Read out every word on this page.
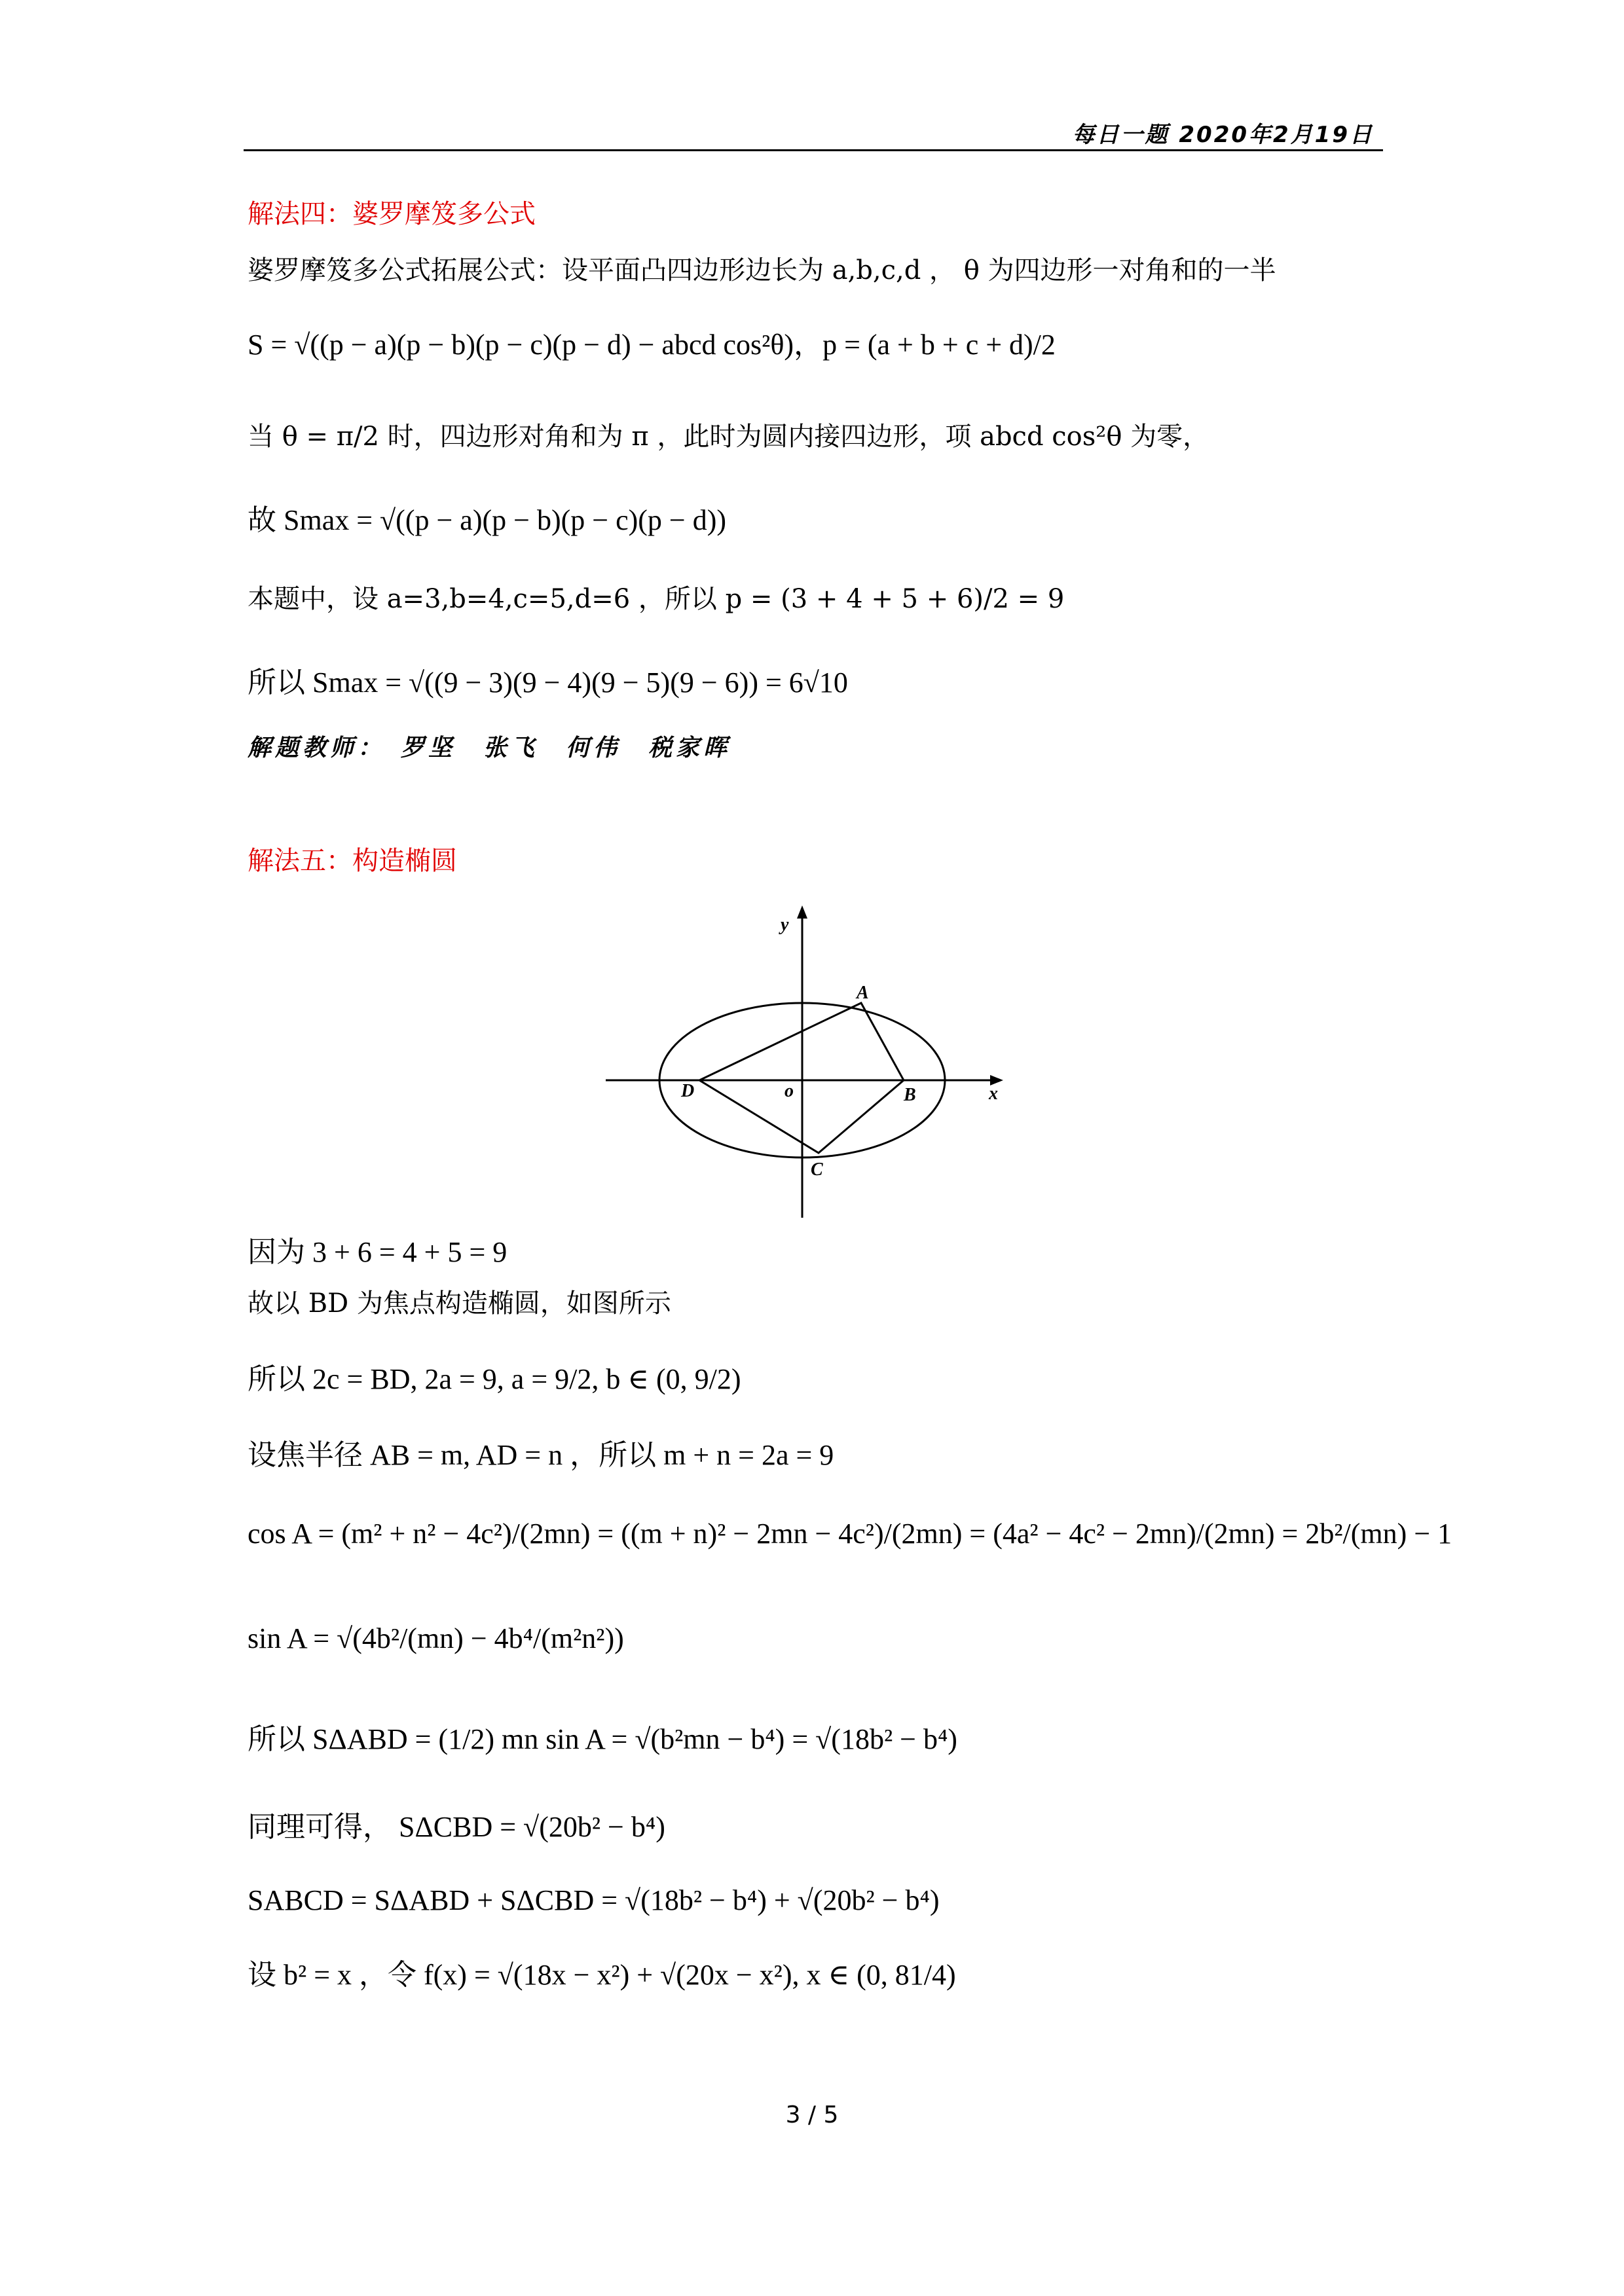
每日一题 2020年2月19日
解法四：婆罗摩笈多公式
婆罗摩笈多公式拓展公式：设平面凸四边形边长为 a,b,c,d ， θ 为四边形一对角和的一半
S = √((p − a)(p − b)(p − c)(p − d) − abcd cos²θ)，p = (a + b + c + d)/2
当 θ = π/2 时，四边形对角和为 π ，此时为圆内接四边形，项 abcd cos²θ 为零，
故 Smax = √((p − a)(p − b)(p − c)(p − d))
本题中，设 a=3,b=4,c=5,d=6 ，所以 p = (3 + 4 + 5 + 6)/2 = 9
所以 Smax = √((9 − 3)(9 − 4)(9 − 5)(9 − 6)) = 6√10
解题教师：　罗坚　张飞　何伟　税家晖
解法五：构造椭圆
y
x
o
A
B
C
D
因为 3 + 6 = 4 + 5 = 9
故以 BD 为焦点构造椭圆，如图所示
所以 2c = BD, 2a = 9, a = 9/2, b ∈ (0, 9/2)
设焦半径 AB = m, AD = n ，所以 m + n = 2a = 9
cos A = (m² + n² − 4c²)/(2mn) = ((m + n)² − 2mn − 4c²)/(2mn) = (4a² − 4c² − 2mn)/(2mn) = 2b²/(mn) − 1
sin A = √(4b²/(mn) − 4b⁴/(m²n²))
所以 SΔABD = (1/2) mn sin A = √(b²mn − b⁴) = √(18b² − b⁴)
同理可得， SΔCBD = √(20b² − b⁴)
SABCD = SΔABD + SΔCBD = √(18b² − b⁴) + √(20b² − b⁴)
设 b² = x ，令 f(x) = √(18x − x²) + √(20x − x²), x ∈ (0, 81/4)
3 / 5
